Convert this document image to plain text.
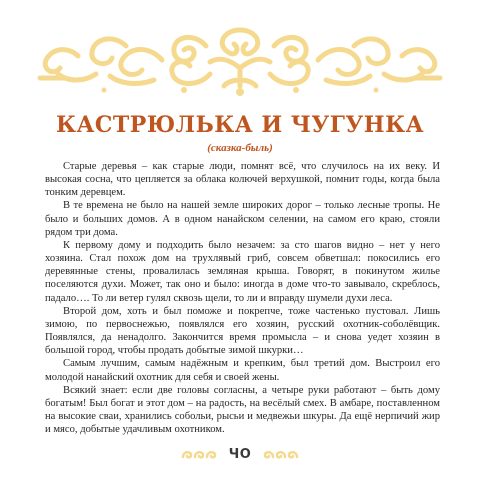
КАСТРЮЛЬКА И ЧУГУНКА
(сказка-быль)

Старые деревья – как старые люди, помнят всё, что случилось на их веку. И высокая сосна, что цепляется за облака колючей верхушкой, помнит годы, когда была тонким деревцем.

В те времена не было на нашей земле широких дорог – только лесные тропы. Не было и больших домов. А в одном нанайском селении, на самом его краю, стояли рядом три дома.

К первому дому и подходить было незачем: за сто шагов видно – нет у него хозяина. Стал похож дом на трухлявый гриб, совсем обветшал: покосились его деревянные стены, провалилась земляная крыша. Говорят, в покинутом жилье поселяются духи. Может, так оно и было: иногда в доме что-то завывало, скреблось, падало…. То ли ветер гулял сквозь щели, то ли и вправду шумели духи леса.

Второй дом, хоть и был поможе и покрепче, тоже частенько пустовал. Лишь зимою, по первоснежью, появлялся его хозяин, русский охотник-соболёвщик. Появлялся, да ненадолго. Закончится время промысла – и снова уедет хозяин в большой город, чтобы продать добытые зимой шкурки…

Самым лучшим, самым надёжным и крепким, был третий дом. Выстроил его молодой нанайский охотник для себя и своей жены.

Всякий знает: если две головы согласны, а четыре руки работают – быть дому богатым! Был богат и этот дом – на радость, на весёлый смех. В амбаре, поставленном на высокие сваи, хранились собольи, рысьи и медвежьи шкуры. Да ещё нерпичий жир и мясо, добытые удачливым охотником.

ЧО
